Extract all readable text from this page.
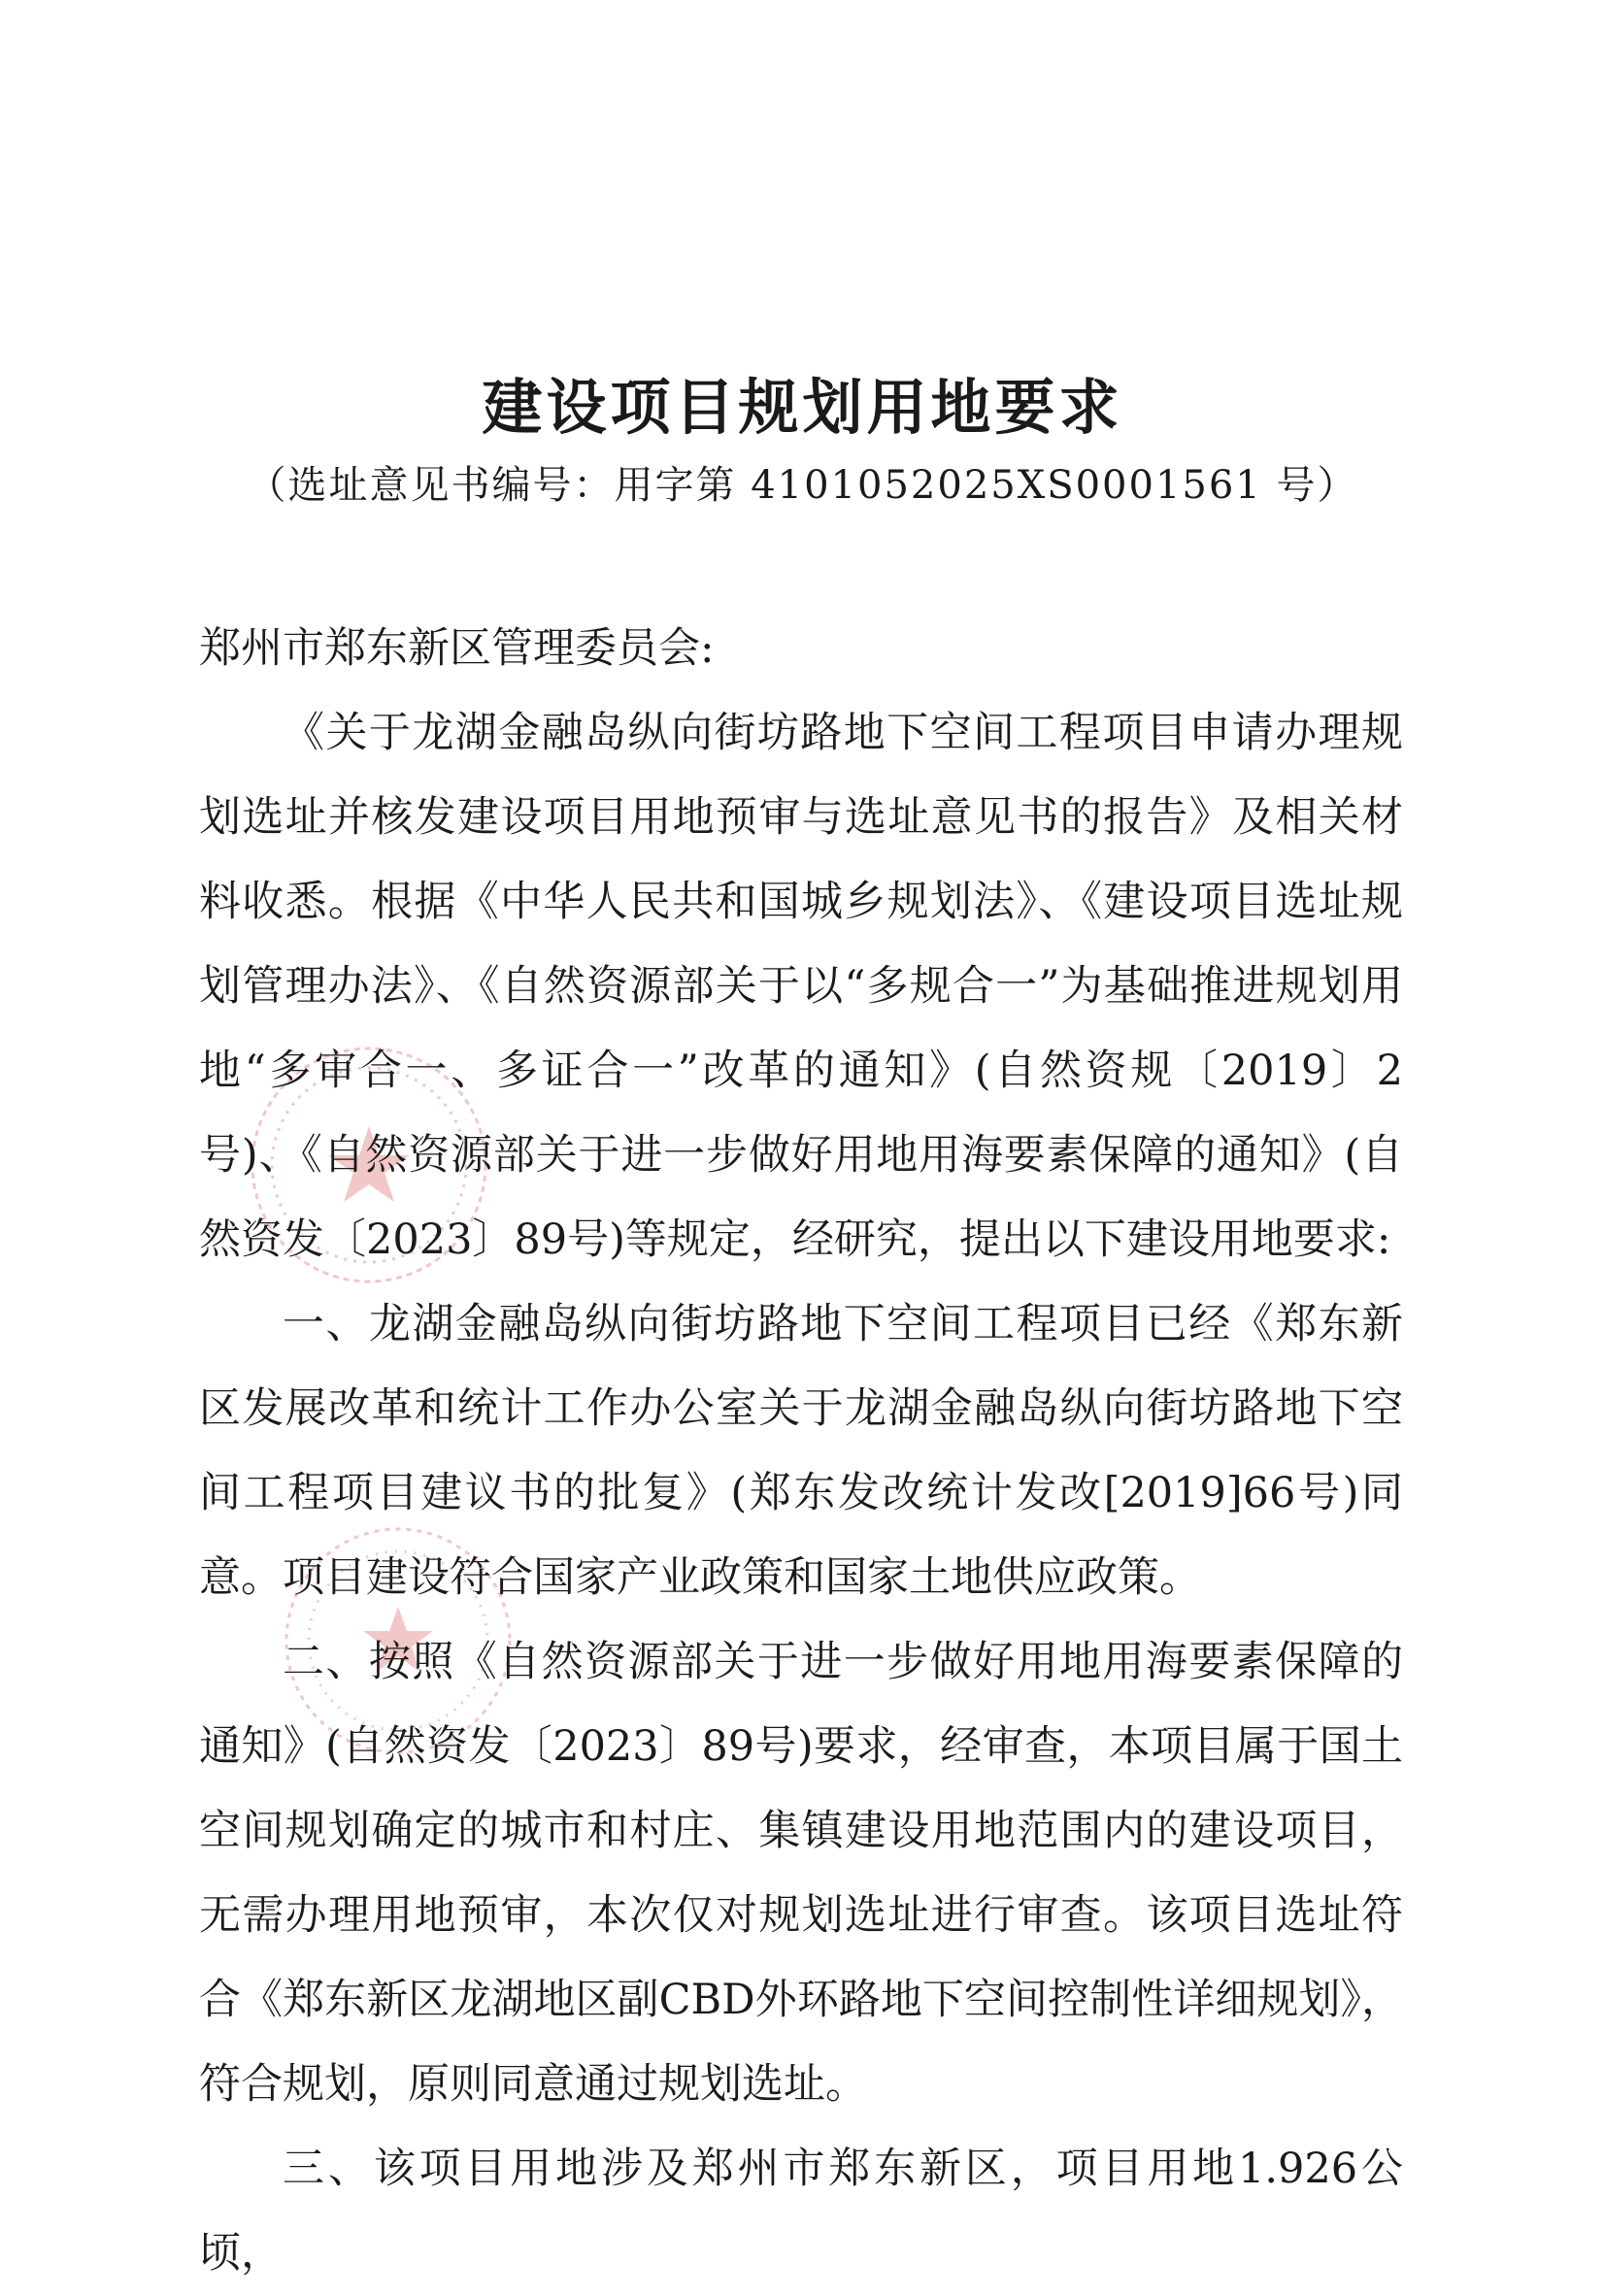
建设项目规划用地要求
（选址意见书编号：用字第 4101052025XS0001561 号）

郑州市郑东新区管理委员会:

《关于龙湖金融岛纵向街坊路地下空间工程项目申请办理规划选址并核发建设项目用地预审与选址意见书的报告》及相关材料收悉。根据《中华人民共和国城乡规划法》、《建设项目选址规划管理办法》、《自然资源部关于以“多规合一”为基础推进规划用地“多审合一、多证合一”改革的通知》(自然资规〔2019〕2号)、《自然资源部关于进一步做好用地用海要素保障的通知》(自然资发〔2023〕89号)等规定，经研究，提出以下建设用地要求:

一、龙湖金融岛纵向街坊路地下空间工程项目已经《郑东新区发展改革和统计工作办公室关于龙湖金融岛纵向街坊路地下空间工程项目建议书的批复》(郑东发改统计发改[2019]66号)同意。项目建设符合国家产业政策和国家土地供应政策。

二、按照《自然资源部关于进一步做好用地用海要素保障的通知》(自然资发〔2023〕89号)要求，经审查，本项目属于国土空间规划确定的城市和村庄、集镇建设用地范围内的建设项目，无需办理用地预审，本次仅对规划选址进行审查。该项目选址符合《郑东新区龙湖地区副CBD外环路地下空间控制性详细规划》，符合规划，原则同意通过规划选址。

三、该项目用地涉及郑州市郑东新区，项目用地1.926公顷，
